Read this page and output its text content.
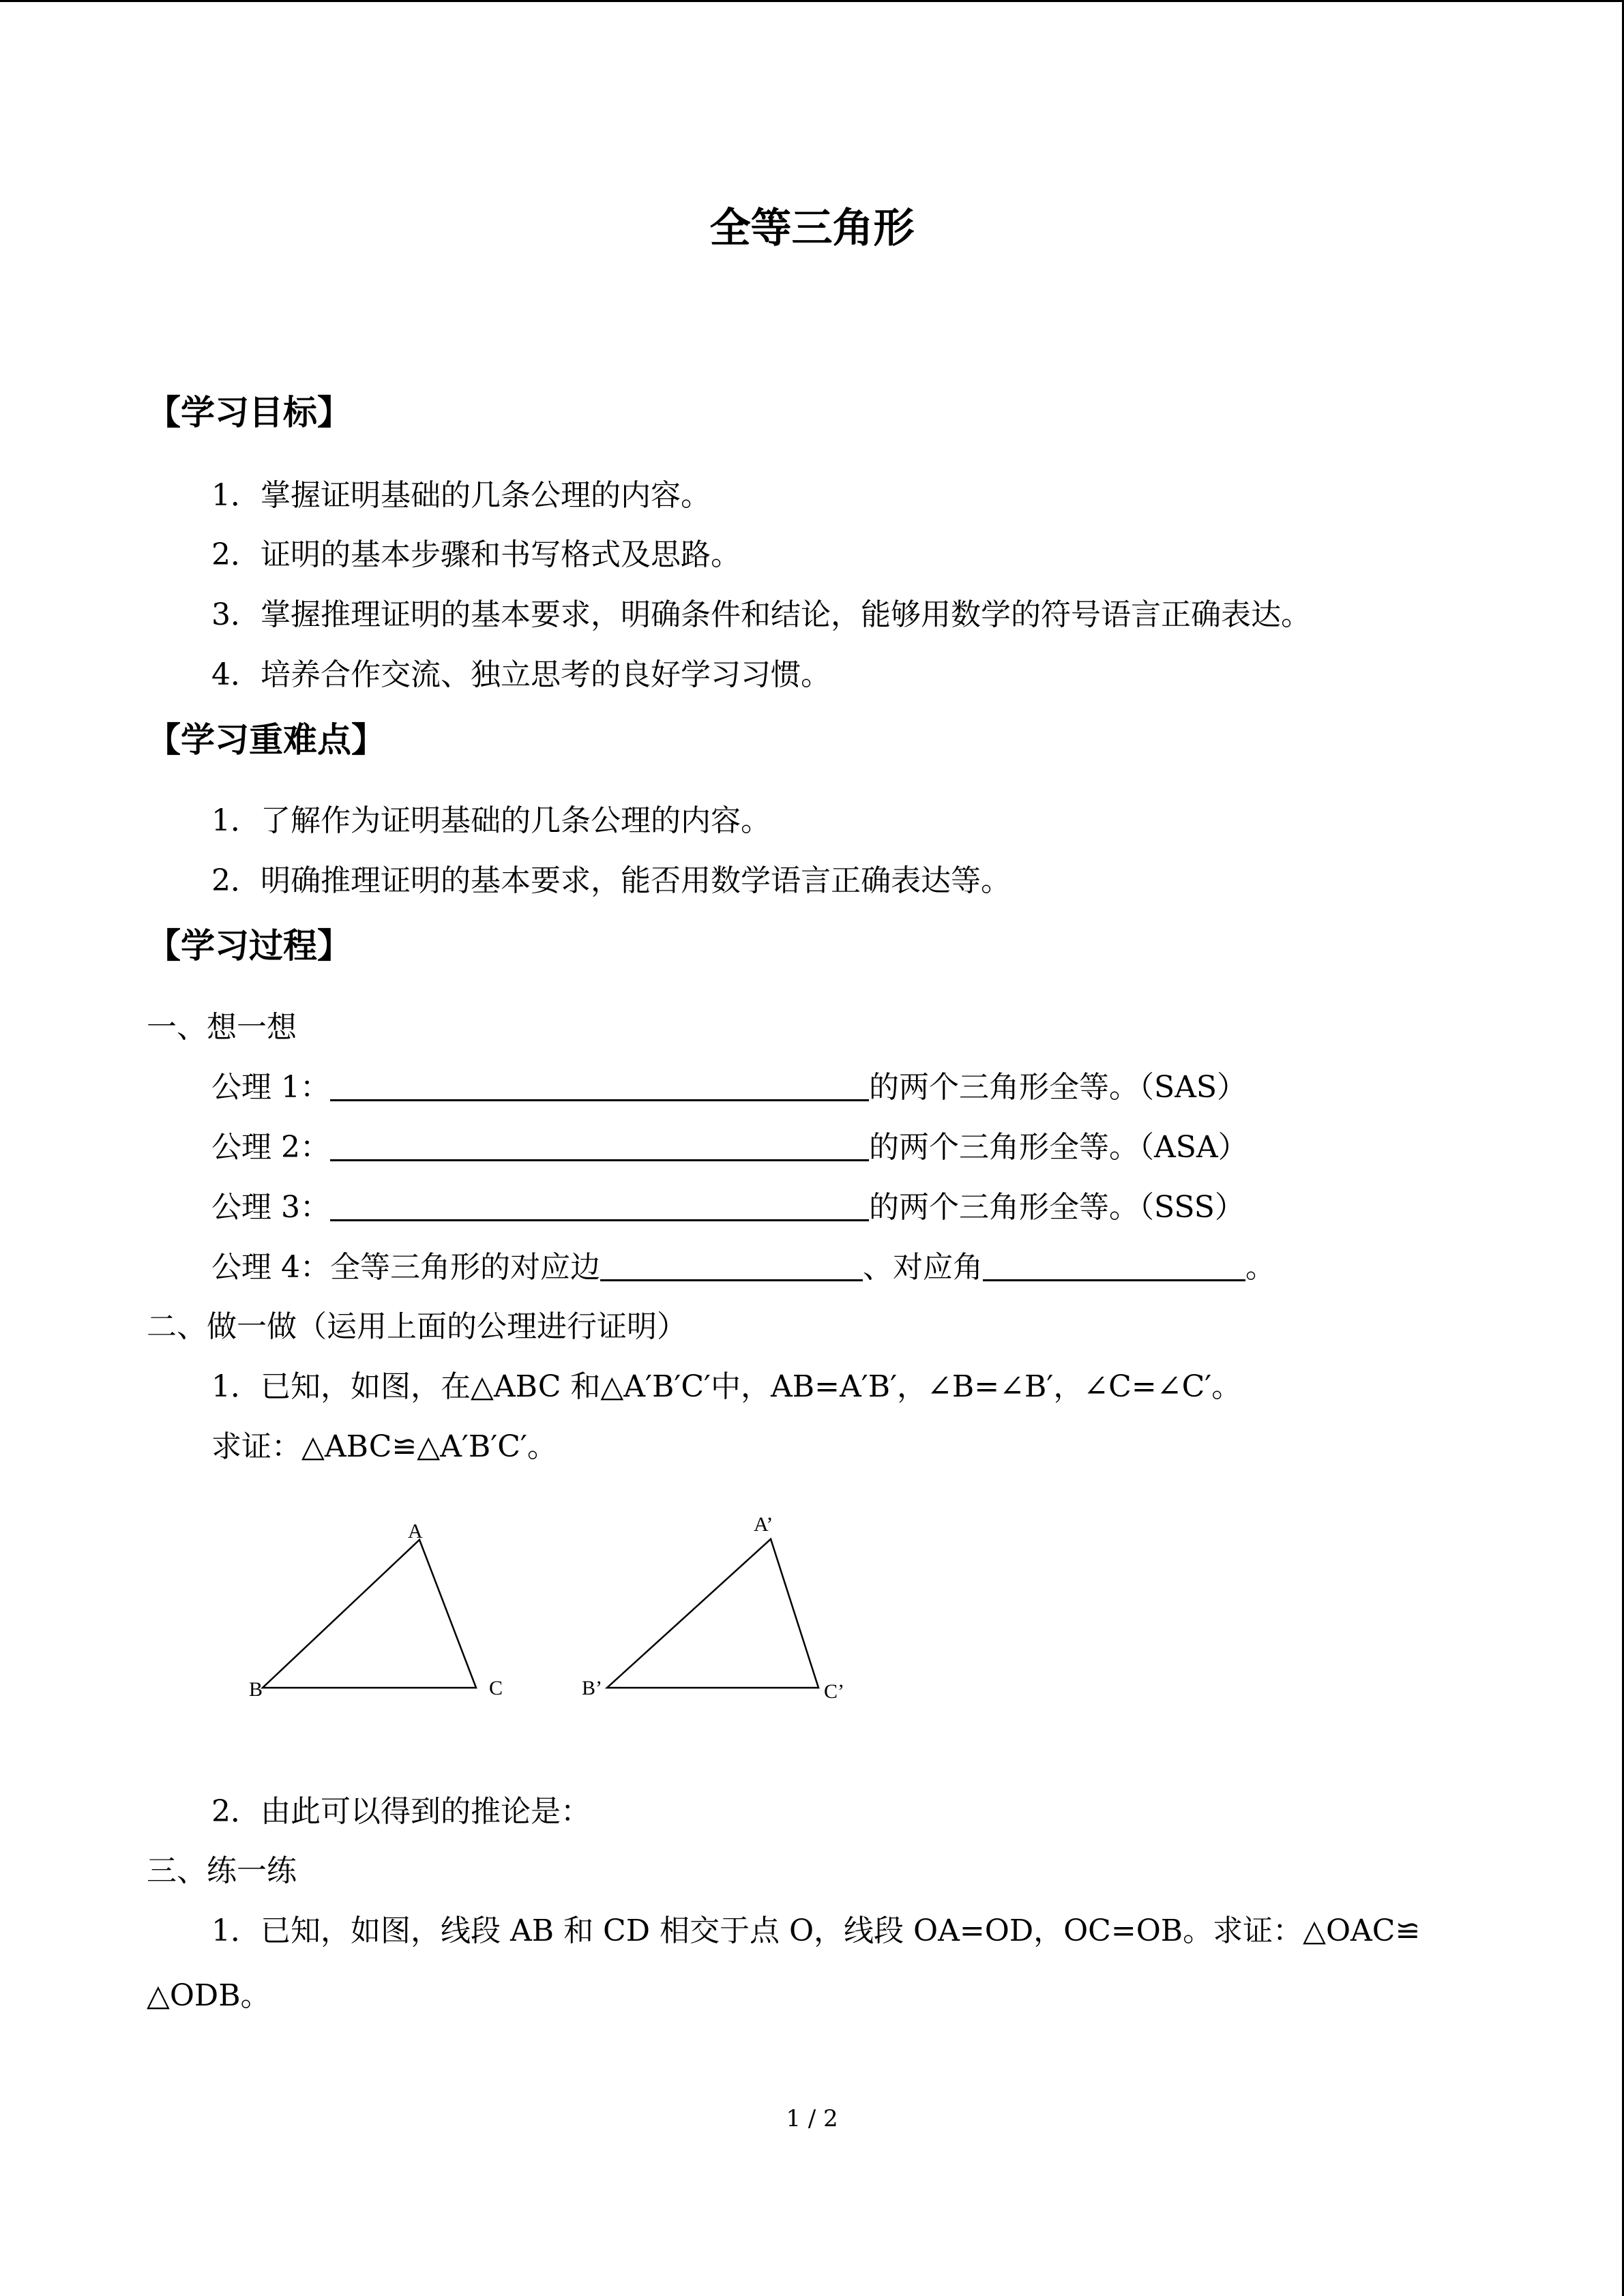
全等三角形
【学习目标】
1．掌握证明基础的几条公理的内容。
2．证明的基本步骤和书写格式及思路。
3．掌握推理证明的基本要求，明确条件和结论，能够用数学的符号语言正确表达。
4．培养合作交流、独立思考的良好学习习惯。
【学习重难点】
1．了解作为证明基础的几条公理的内容。
2．明确推理证明的基本要求，能否用数学语言正确表达等。
【学习过程】
一、想一想
公理 1：	的两个三角形全等。（SAS）
公理 2：	的两个三角形全等。（ASA）
公理 3：	的两个三角形全等。（SSS）
公理 4：全等三角形的对应边	、对应角	。
二、做一做（运用上面的公理进行证明）
1．已知，如图，在△ABC 和△A′B′C′中，AB=A′B′，∠B=∠B′，∠C=∠C′。
求证：△ABC≌△A′B′C′。
A
B	C
A’
B’	C’
2．由此可以得到的推论是：
三、练一练
1．已知，如图，线段 AB 和 CD 相交于点 O，线段 OA=OD，OC=OB。求证：△OAC≌
△ODB。
1 / 2
